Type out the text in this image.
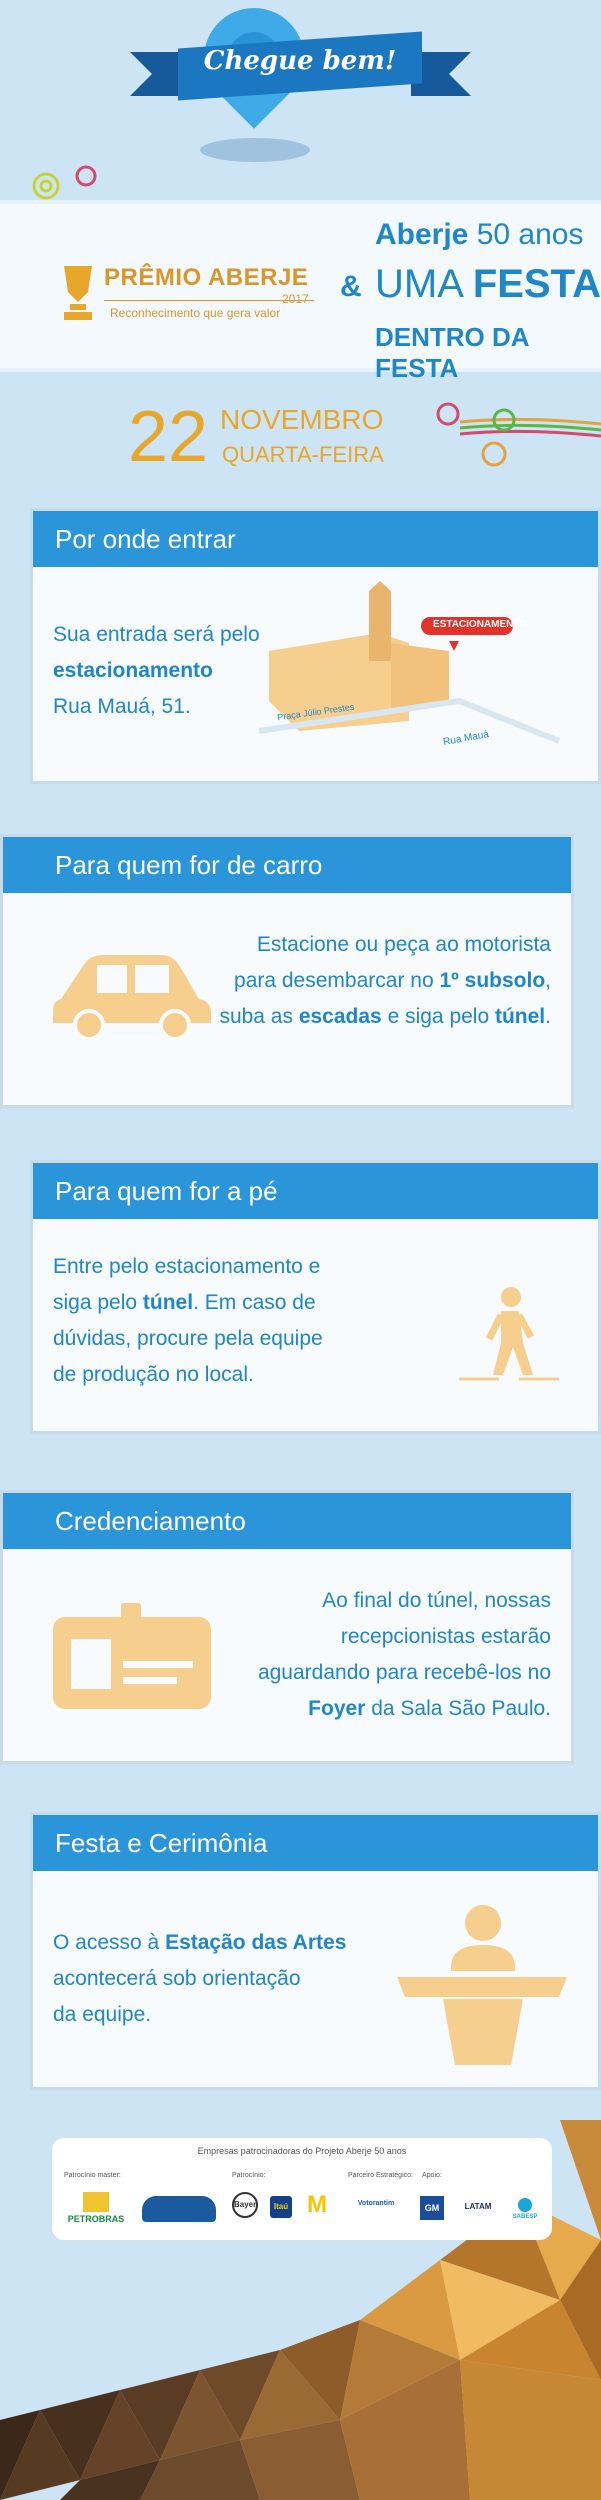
Chegue bem!
PRÊMIO ABERJE
2017
Reconhecimento que gera valor
&
Aberje 50 anos
UMA FESTA
DENTRO DA FESTA
22 NOVEMBRO
QUARTA-FEIRA
Por onde entrar
Sua entrada será pelo
estacionamento
Rua Mauá, 51.
ESTACIONAMENTO
Praça Júlio Prestes
Rua Mauá
Para quem for de carro
Estacione ou peça ao motorista
para desembarcar no 1º subsolo,
suba as escadas e siga pelo túnel.
Para quem for a pé
Entre pelo estacionamento e
siga pelo túnel. Em caso de
dúvidas, procure pela equipe
de produção no local.
Credenciamento
Ao final do túnel, nossas
recepcionistas estarão
aguardando para recebê-los no
Foyer da Sala São Paulo.
Festa e Cerimônia
O acesso à Estação das Artes
acontecerá sob orientação
da equipe.
Empresas patrocinadoras do Projeto Aberje 50 anos
Patrocínio master:	Patrocínio:	Parceiro Estratégico: Apoio:
PETROBRAS
Bayer	Itaú M	Votorantim	GM	LATAM
SABESP
